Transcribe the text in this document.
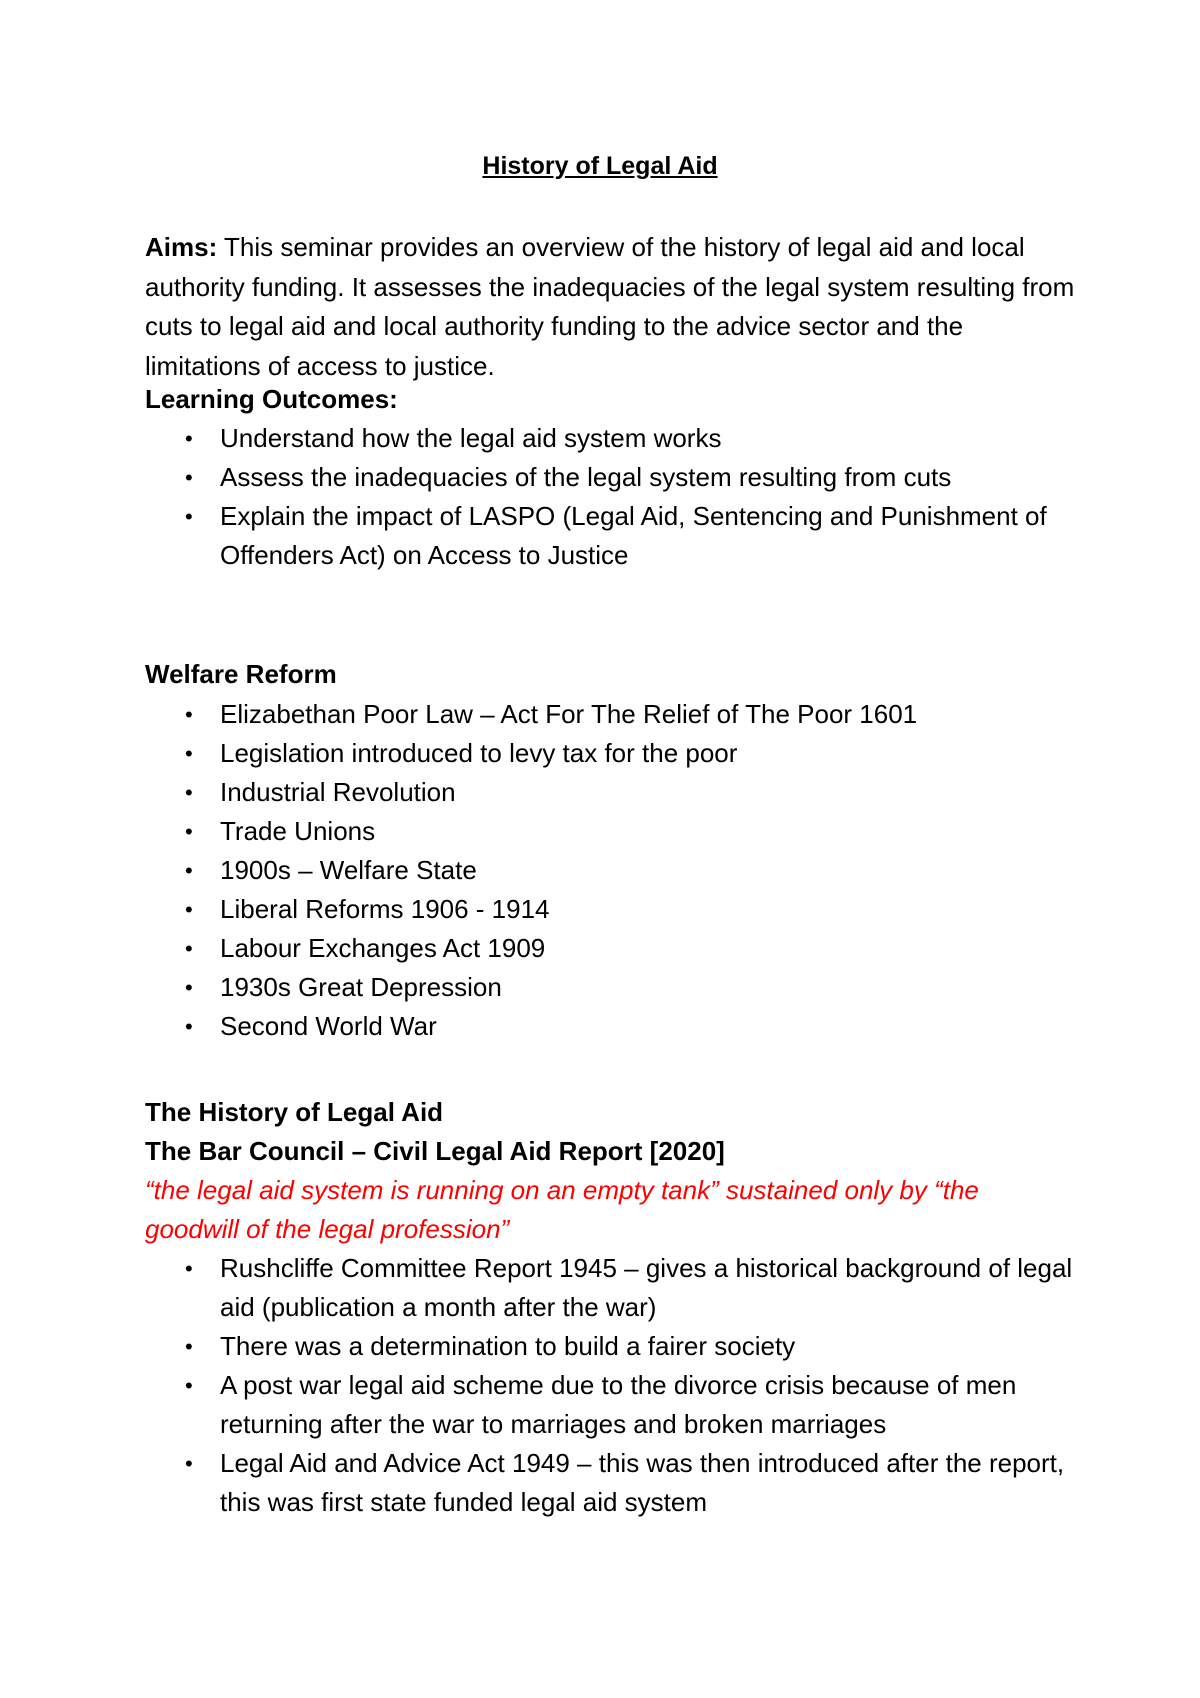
History of Legal Aid
Aims: This seminar provides an overview of the history of legal aid and local authority funding. It assesses the inadequacies of the legal system resulting from cuts to legal aid and local authority funding to the advice sector and the limitations of access to justice.
Learning Outcomes:
• Understand how the legal aid system works
• Assess the inadequacies of the legal system resulting from cuts
• Explain the impact of LASPO (Legal Aid, Sentencing and Punishment of Offenders Act) on Access to Justice
Welfare Reform
• Elizabethan Poor Law – Act For The Relief of The Poor 1601
• Legislation introduced to levy tax for the poor
• Industrial Revolution
• Trade Unions
• 1900s – Welfare State
• Liberal Reforms 1906 - 1914
• Labour Exchanges Act 1909
• 1930s Great Depression
• Second World War
The History of Legal Aid
The Bar Council – Civil Legal Aid Report [2020]
“the legal aid system is running on an empty tank” sustained only by “the goodwill of the legal profession”
• Rushcliffe Committee Report 1945 – gives a historical background of legal aid (publication a month after the war)
• There was a determination to build a fairer society
• A post war legal aid scheme due to the divorce crisis because of men returning after the war to marriages and broken marriages
• Legal Aid and Advice Act 1949 – this was then introduced after the report, this was first state funded legal aid system
